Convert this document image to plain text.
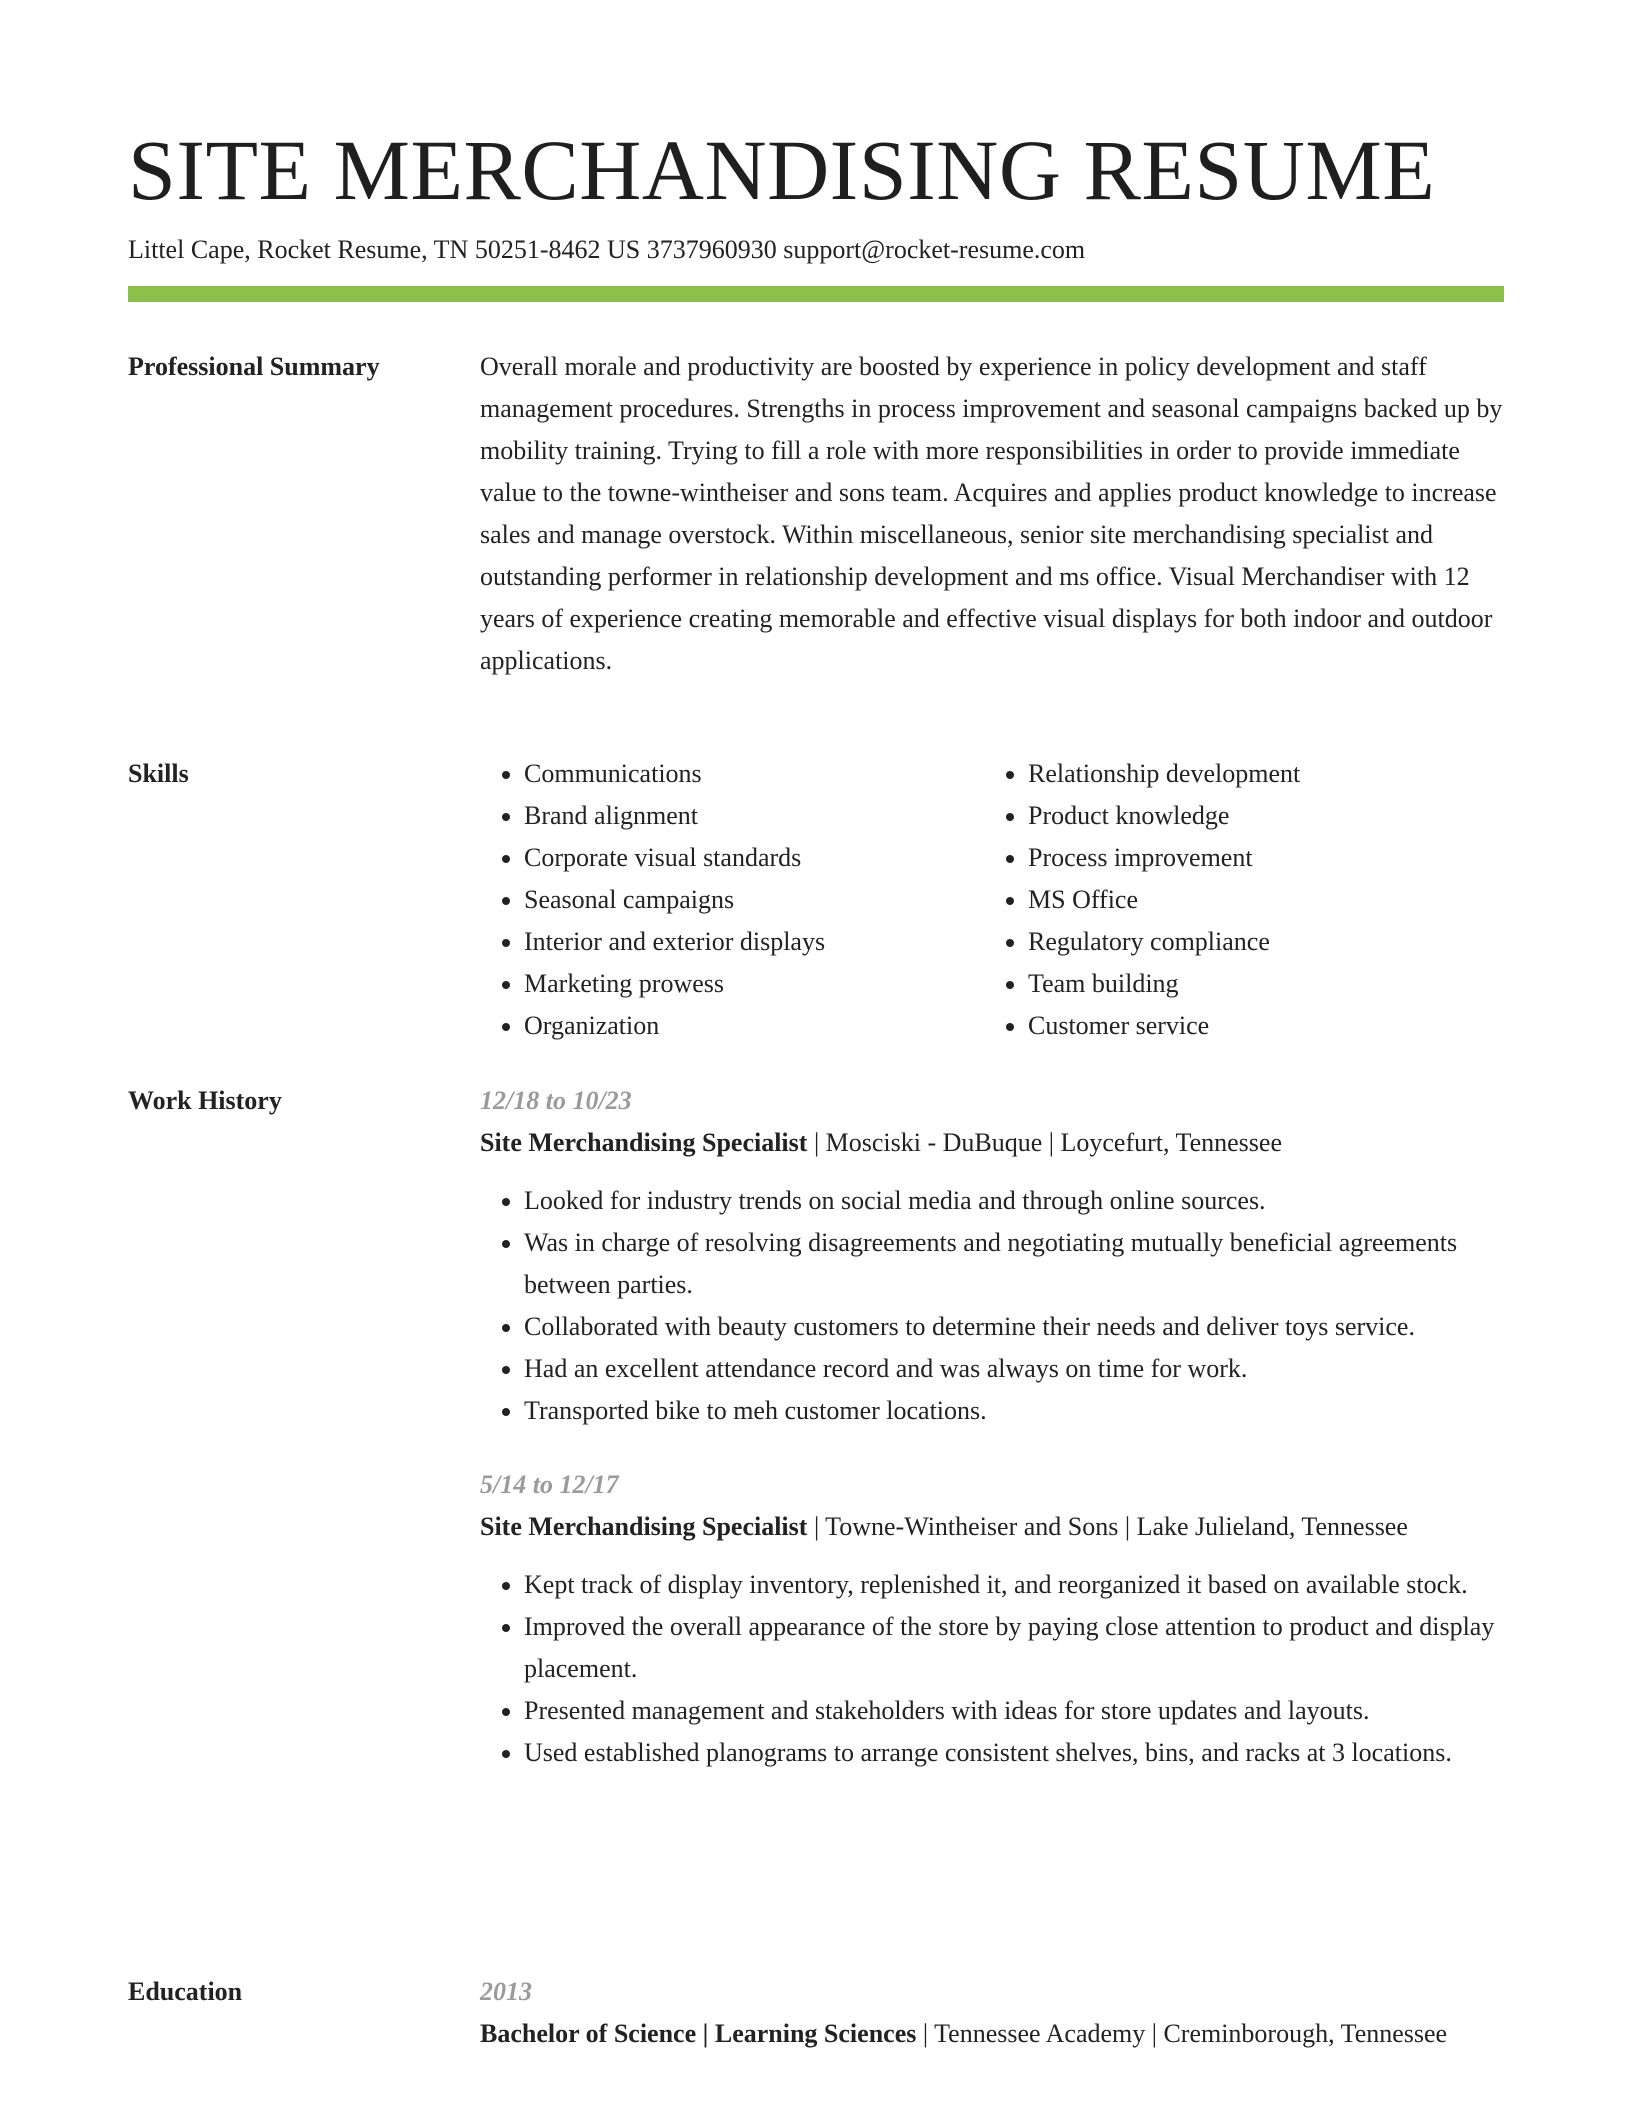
SITE MERCHANDISING RESUME
Littel Cape, Rocket Resume, TN 50251-8462 US 3737960930 support@rocket-resume.com
Professional Summary	Overall morale and productivity are boosted by experience in policy development and staff management procedures. Strengths in process improvement and seasonal campaigns backed up by mobility training. Trying to fill a role with more responsibilities in order to provide immediate value to the towne-wintheiser and sons team. Acquires and applies product knowledge to increase sales and manage overstock. Within miscellaneous, senior site merchandising specialist and outstanding performer in relationship development and ms office. Visual Merchandiser with 12 years of experience creating memorable and effective visual displays for both indoor and outdoor applications.

Skills
•	Communications
• Brand alignment
• Corporate visual standards
• Seasonal campaigns
• Interior and exterior displays
• Marketing prowess
• Organization
• Relationship development
• Product knowledge
• Process improvement
• MS Office
• Regulatory compliance
• Team building
• Customer service
Work History	12/18 to 10/23
Site Merchandising Specialist | Mosciski - DuBuque | Loycefurt, Tennessee
• Looked for industry trends on social media and through online sources.
• Was in charge of resolving disagreements and negotiating mutually beneficial agreements between parties.
• Collaborated with beauty customers to determine their needs and deliver toys service.
• Had an excellent attendance record and was always on time for work.
• Transported bike to meh customer locations.
5/14 to 12/17
Site Merchandising Specialist | Towne-Wintheiser and Sons | Lake Julieland, Tennessee
• Kept track of display inventory, replenished it, and reorganized it based on available stock.
• Improved the overall appearance of the store by paying close attention to product and display placement.
• Presented management and stakeholders with ideas for store updates and layouts.
• Used established planograms to arrange consistent shelves, bins, and racks at 3 locations.
Education	2013
Bachelor of Science | Learning Sciences | Tennessee Academy | Creminborough, Tennessee
